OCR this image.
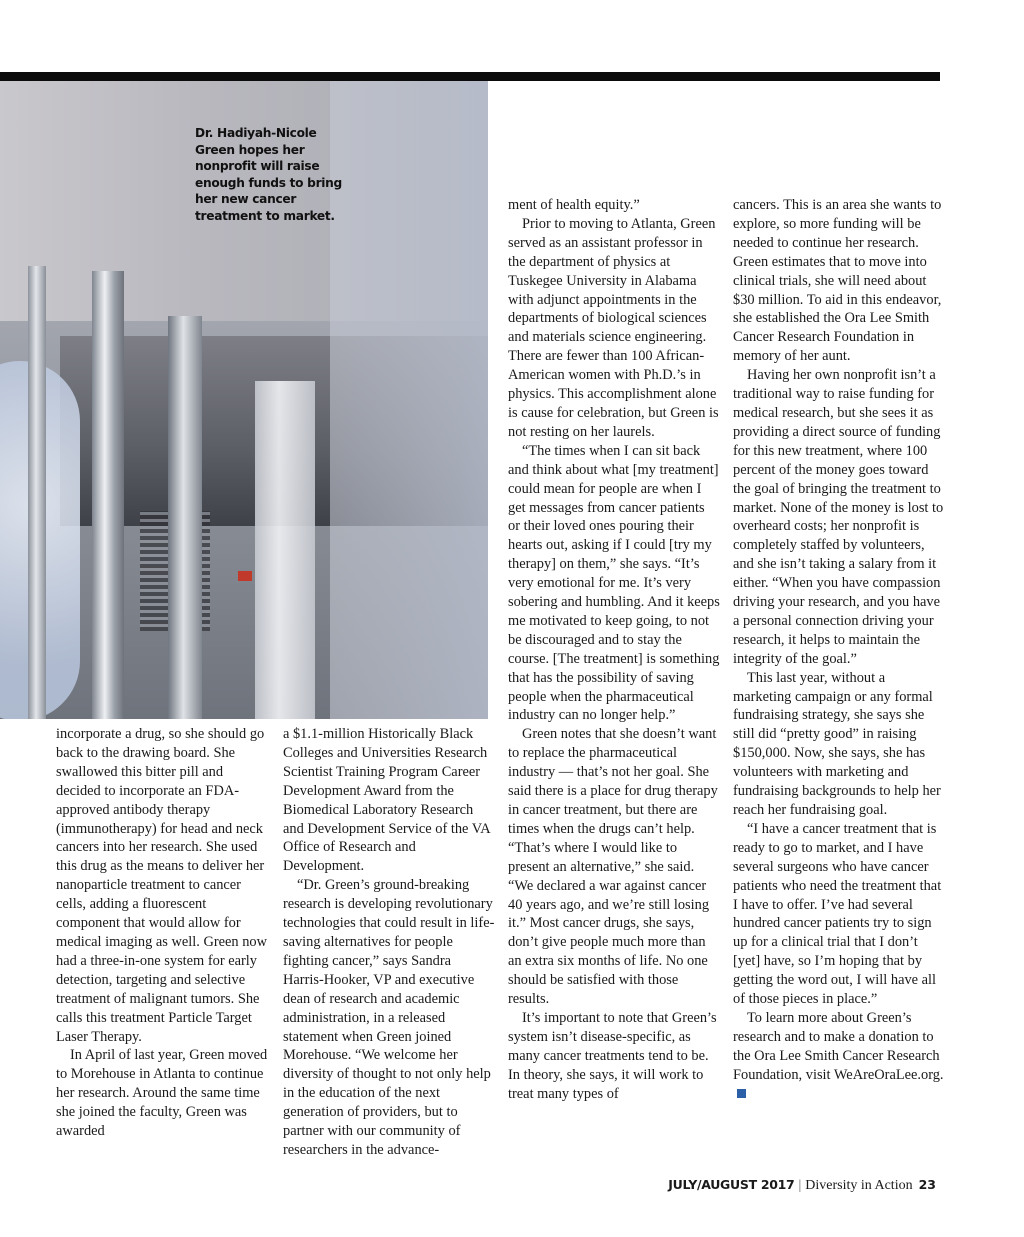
Dr. Hadiyah-Nicole Green hopes her nonprofit will raise enough funds to bring her new cancer treatment to market.

incorporate a drug, so she should go back to the drawing board. She swallowed this bitter pill and decided to incorporate an FDA-approved antibody therapy (immunotherapy) for head and neck cancers into her research. She used this drug as the means to deliver her nanoparticle treatment to cancer cells, adding a fluorescent component that would allow for medical imaging as well. Green now had a three-in-one system for early detection, targeting and selective treatment of malignant tumors. She calls this treatment Particle Target Laser Therapy.

In April of last year, Green moved to Morehouse in Atlanta to continue her research. Around the same time she joined the faculty, Green was awarded

a $1.1-million Historically Black Colleges and Universities Research Scientist Training Program Career Development Award from the Biomedical Laboratory Research and Development Service of the VA Office of Research and Development.

“Dr. Green’s ground-breaking research is developing revolutionary technologies that could result in life-saving alternatives for people fighting cancer,” says Sandra Harris-Hooker, VP and executive dean of research and academic administration, in a released statement when Green joined Morehouse. “We welcome her diversity of thought to not only help in the education of the next generation of providers, but to partner with our community of researchers in the advance-

ment of health equity.”

Prior to moving to Atlanta, Green served as an assistant professor in the department of physics at Tuskegee University in Alabama with adjunct appointments in the departments of biological sciences and materials science engineering. There are fewer than 100 African-American women with Ph.D.’s in physics. This accomplishment alone is cause for celebration, but Green is not resting on her laurels.

“The times when I can sit back and think about what [my treatment] could mean for people are when I get messages from cancer patients or their loved ones pouring their hearts out, asking if I could [try my therapy] on them,” she says. “It’s very emotional for me. It’s very sobering and humbling. And it keeps me motivated to keep going, to not be discouraged and to stay the course. [The treatment] is something that has the possibility of saving people when the pharmaceutical industry can no longer help.”

Green notes that she doesn’t want to replace the pharmaceutical industry — that’s not her goal. She said there is a place for drug therapy in cancer treatment, but there are times when the drugs can’t help. “That’s where I would like to present an alternative,” she said. “We declared a war against cancer 40 years ago, and we’re still losing it.” Most cancer drugs, she says, don’t give people much more than an extra six months of life. No one should be satisfied with those results.

It’s important to note that Green’s system isn’t disease-specific, as many cancer treatments tend to be. In theory, she says, it will work to treat many types of

cancers. This is an area she wants to explore, so more funding will be needed to continue her research. Green estimates that to move into clinical trials, she will need about $30 million. To aid in this endeavor, she established the Ora Lee Smith Cancer Research Foundation in memory of her aunt.

Having her own nonprofit isn’t a traditional way to raise funding for medical research, but she sees it as providing a direct source of funding for this new treatment, where 100 percent of the money goes toward the goal of bringing the treatment to market. None of the money is lost to overheard costs; her nonprofit is completely staffed by volunteers, and she isn’t taking a salary from it either. “When you have compassion driving your research, and you have a personal connection driving your research, it helps to maintain the integrity of the goal.”

This last year, without a marketing campaign or any formal fundraising strategy, she says she still did “pretty good” in raising $150,000. Now, she says, she has volunteers with marketing and fundraising backgrounds to help her reach her fundraising goal.

“I have a cancer treatment that is ready to go to market, and I have several surgeons who have cancer patients who need the treatment that I have to offer. I’ve had several hundred cancer patients try to sign up for a clinical trial that I don’t [yet] have, so I’m hoping that by getting the word out, I will have all of those pieces in place.”

To learn more about Green’s research and to make a donation to the Ora Lee Smith Cancer Research Foundation, visit WeAreOraLee.org.

JULY/AUGUST 2017 | Diversity in Action 23
